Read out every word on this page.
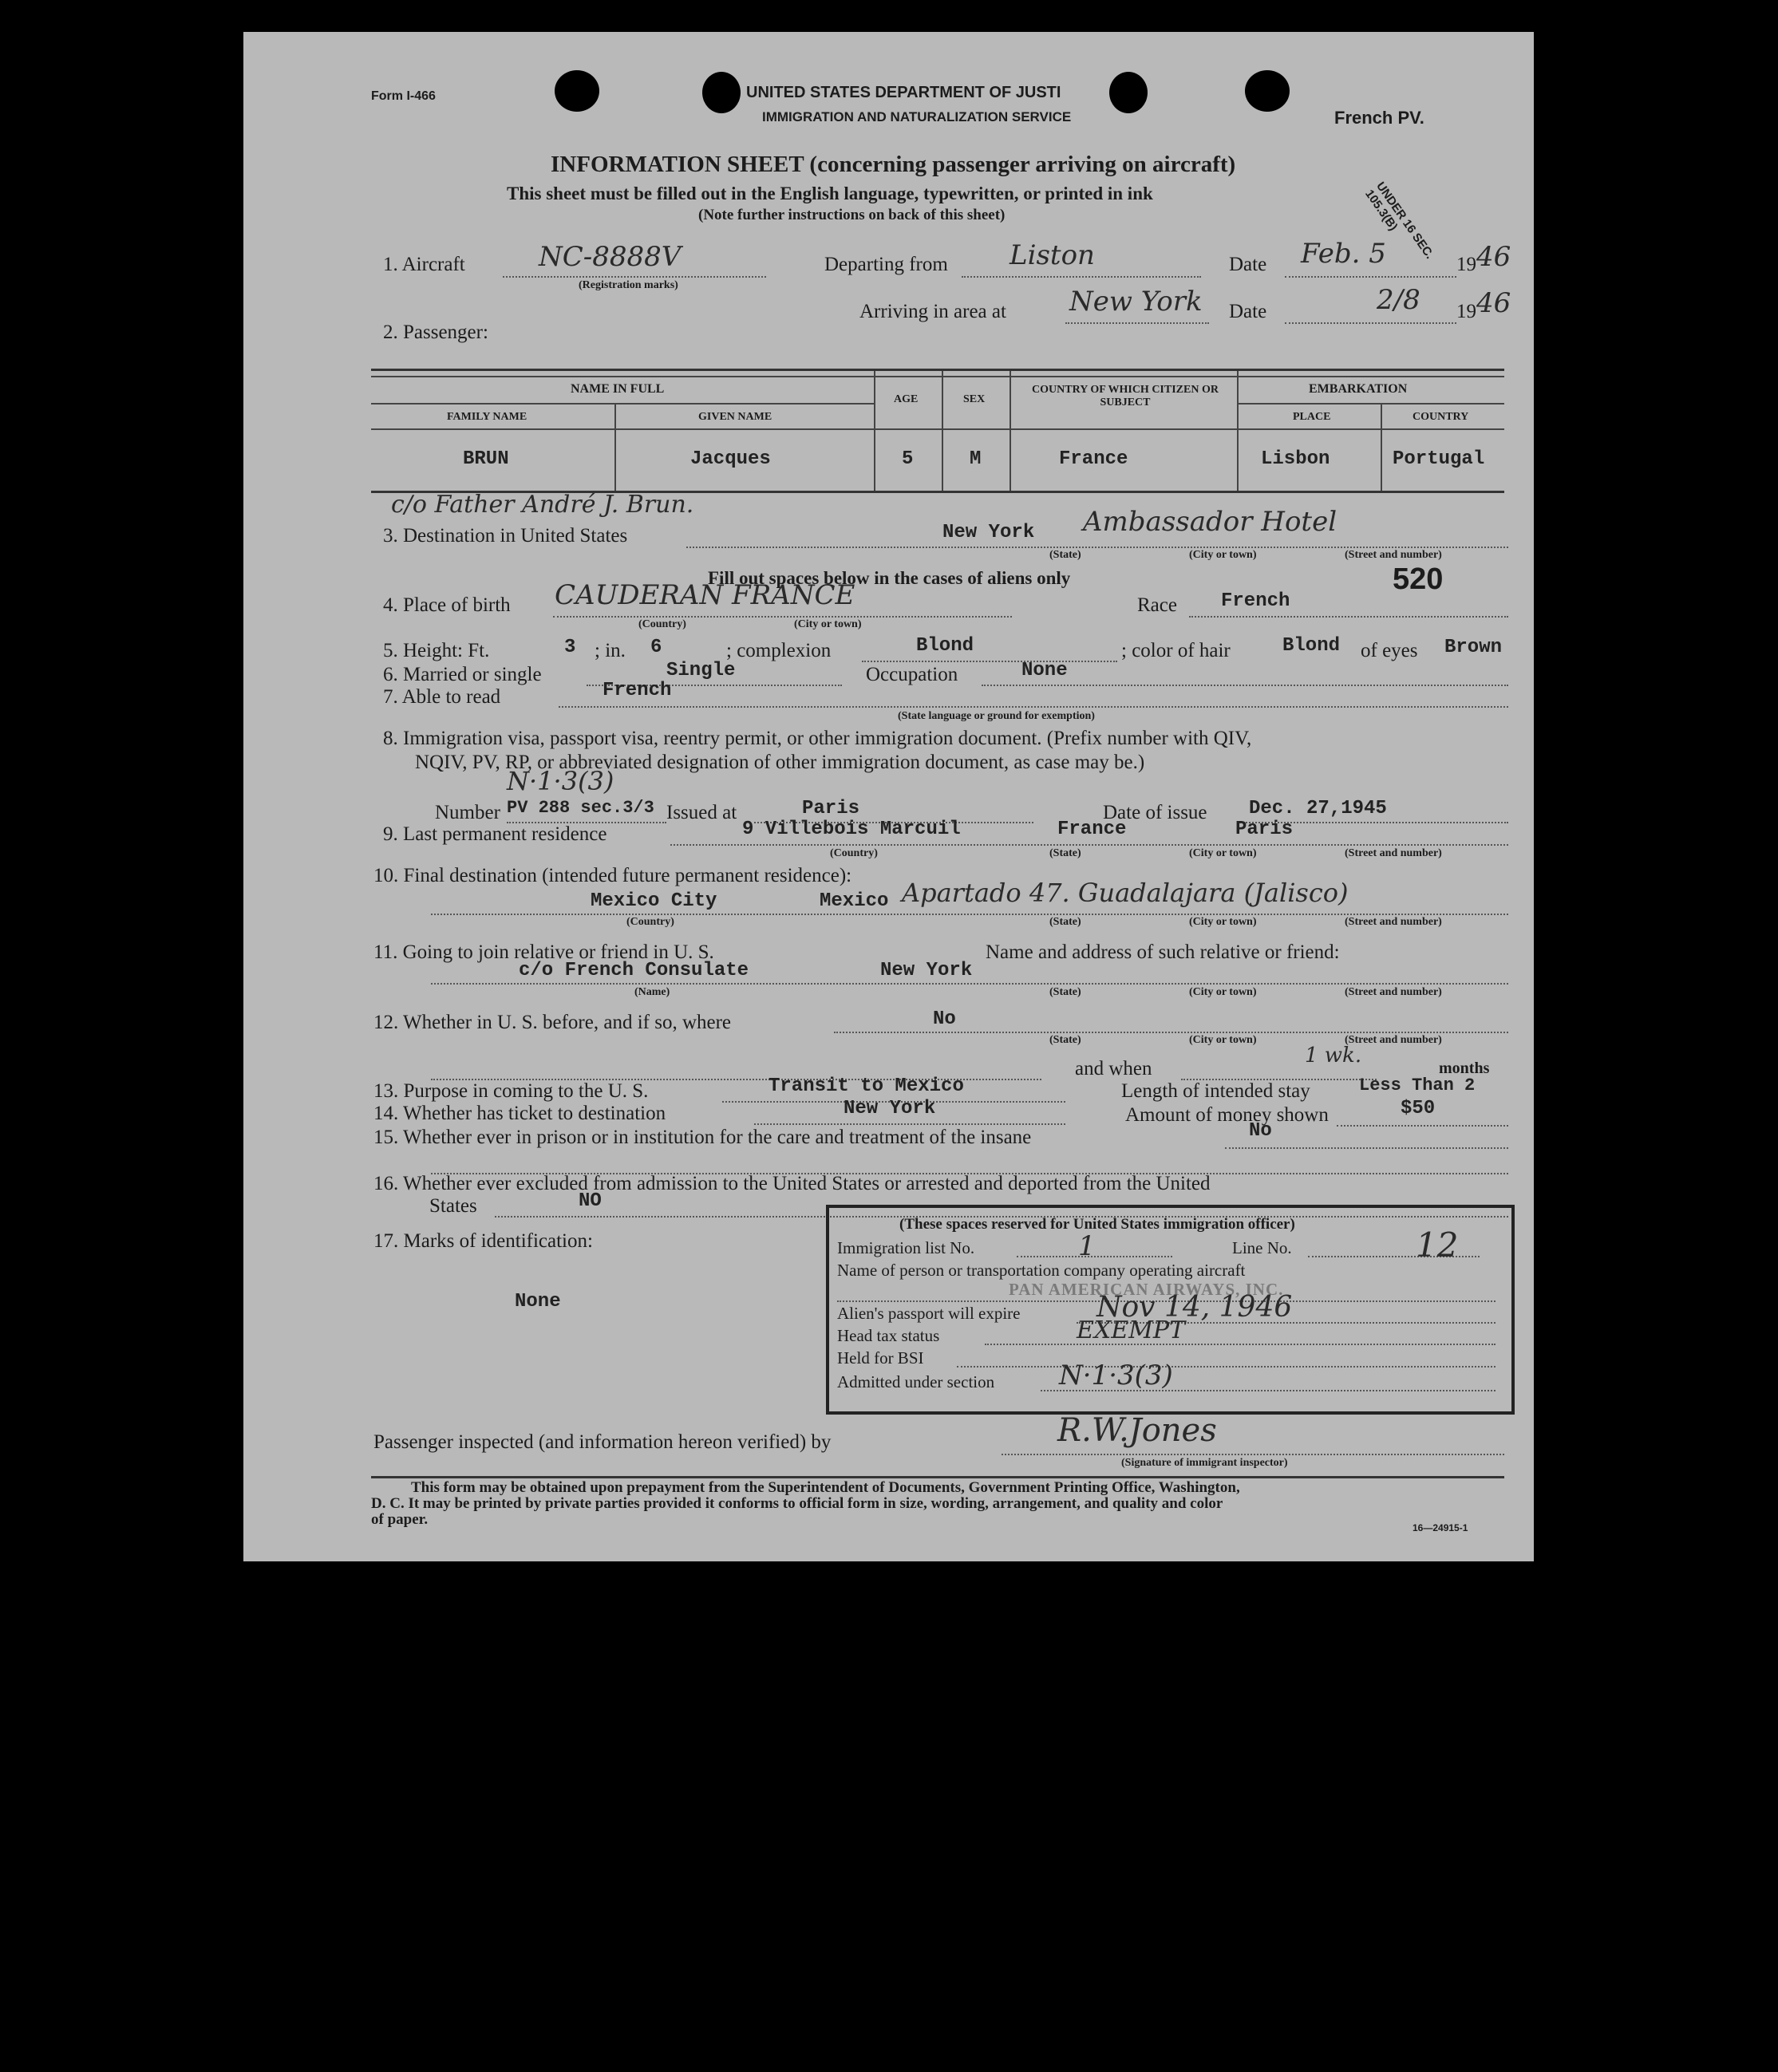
Form I-466	UNITED STATES DEPARTMENT OF JUSTI
IMMIGRATION AND NATURALIZATION SERVICE	French PV.
UNDER 16 SEC. 105.3(B)
INFORMATION SHEET (concerning passenger arriving on aircraft)
This sheet must be filled out in the English language, typewritten, or printed in ink
(Note further instructions on back of this sheet)
1. Aircraft	NC-8888V
(Registration marks)
Departing from Liston	Date Feb. 5	19 46
Arriving in area at New York Date	2/8 19 46
2. Passenger:
NAME IN FULL
FAMILY NAME	GIVEN NAME
AGE	SEX
COUNTRY OF WHICH CITIZEN OR SUBJECT
EMBARKATION
PLACE	COUNTRY
BRUN	Jacques	5	M	France	Lisbon	Portugal
c/o Father André J. Brun.
3. Destination in United States	New York Ambassador Hotel
(State)	(City or town)	(Street and number)
Fill out spaces below in the cases of aliens only	520
4. Place of birth CAUDERAN FRANCE
(Country)	(City or town)
Race French
5. Height: Ft.	3 ; in. 6	; complexion	Blond	; color of hair	Blond of eyes Brown
6. Married or single	Single	Occupation	None
7. Able to read	French
(State language or ground for exemption)
8. Immigration visa, passport visa, reentry permit, or other immigration document. (Prefix number with QIV,
NQIV, PV, RP, or abbreviated designation of other immigration document, as case may be.)
N·1·3(3)
Number PV 288 sec.3/3 Issued at	Paris	Date of issue Dec. 27,1945
9. Last permanent residence	9 Villebois Marcuil	France	Paris
(Country)	(State)	(City or town)	(Street and number)
10. Final destination (intended future permanent residence):
Mexico City	Mexico Apartado 47. Guadalajara (Jalisco)
(Country)	(State)	(City or town)	(Street and number)
11. Going to join relative or friend in U. S.	Name and address of such relative or friend:
c/o French Consulate	New York
(Name)	(State)	(City or town)	(Street and number)
12. Whether in U. S. before, and if so, where	No
(State)	(City or town)	(Street and number)
and when
1 wk.
months
13. Purpose in coming to the U. S.	Transit to Mexico	Length of intended stay	Less Than 2
14. Whether has ticket to destination	New York	Amount of money shown	$50
15. Whether ever in prison or in institution for the care and treatment of the insane	No
16. Whether ever excluded from admission to the United States or arrested and deported from the United
States	NO
17. Marks of identification:
None
(These spaces reserved for United States immigration officer)
Immigration list No.	1	Line No.	12
Name of person or transportation company operating aircraft
PAN AMERICAN AIRWAYS, INC.
Alien's passport will expire	Nov 14, 1946
Head tax status	EXEMPT
Held for BSI
Admitted under section N·1·3(3)
Passenger inspected (and information hereon verified) by	R.W.Jones
(Signature of immigrant inspector)
This form may be obtained upon prepayment from the Superintendent of Documents, Government Printing Office, Washington,
D. C. It may be printed by private parties provided it conforms to official form in size, wording, arrangement, and quality and color
of paper.	16—24915-1
